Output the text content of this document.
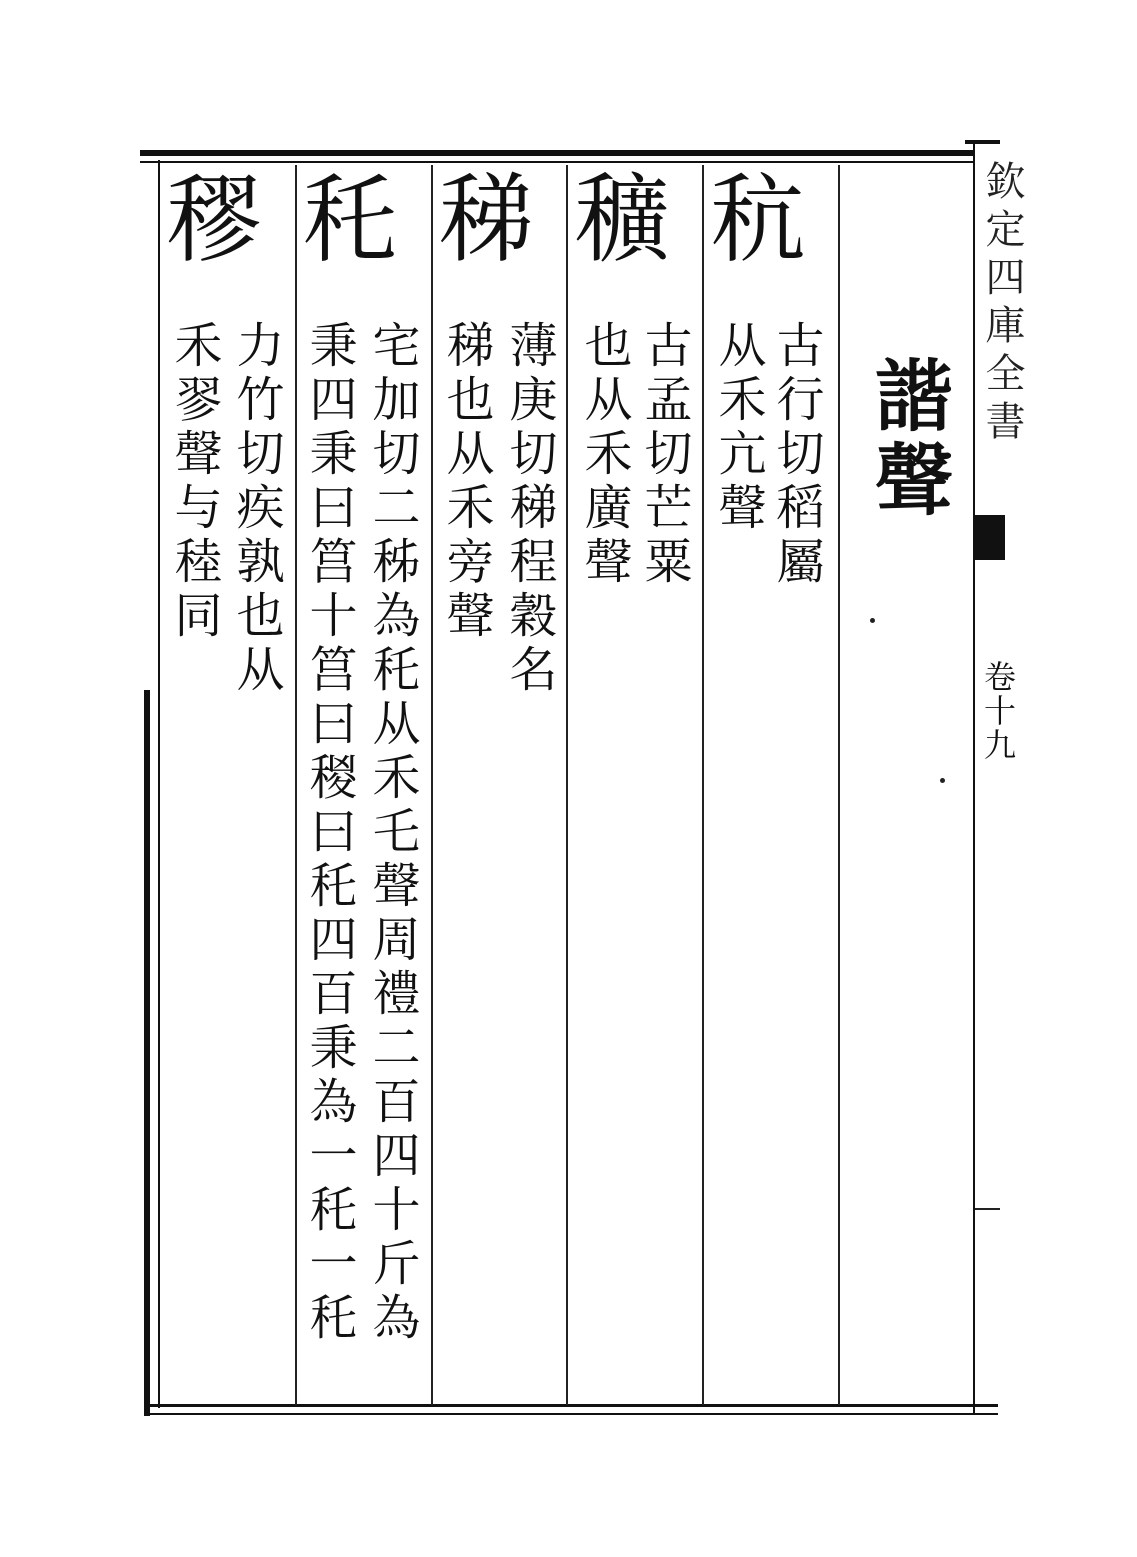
欽定四庫全書
卷十九
諧聲
秔
古行切稻屬
从禾亢聲
穬
古孟切芒粟
也从禾廣聲
稊
薄庚切稊程穀名
稊也从禾旁聲
秅
宅加切二秭為秅从禾乇聲周禮二百四十斤為
秉四秉曰筥十筥曰稯曰秅四百秉為一秅一秅
穋
力竹切疾孰也从
禾翏聲与稑同
